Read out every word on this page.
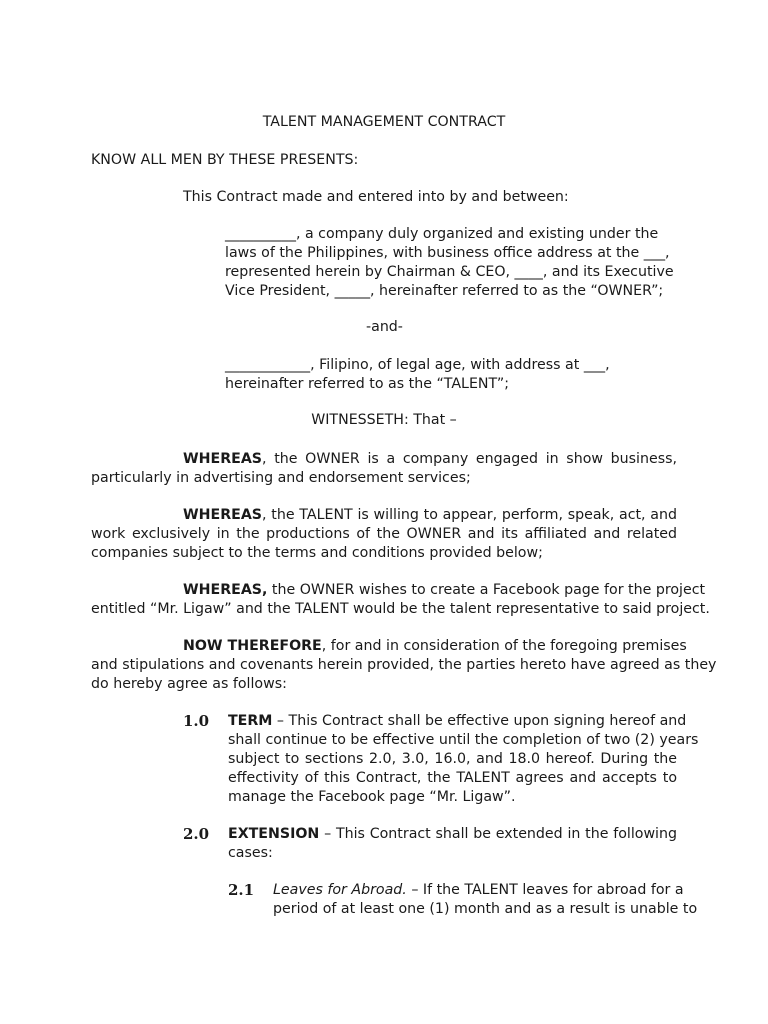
TALENT MANAGEMENT CONTRACT
KNOW ALL MEN BY THESE PRESENTS:
This Contract made and entered into by and between:
__________, a company duly organized and existing under the
laws of the Philippines, with business office address at the ___,
represented herein by Chairman & CEO, ____, and its Executive
Vice President, _____, hereinafter referred to as the “OWNER”;
-and-
____________, Filipino, of legal age, with address at ___,
hereinafter referred to as the “TALENT”;
WITNESSETH: That –
WHEREAS, the OWNER is a company engaged in show business,
particularly in advertising and endorsement services;
WHEREAS, the TALENT is willing to appear, perform, speak, act, and
work exclusively in the productions of the OWNER and its affiliated and related
companies subject to the terms and conditions provided below;
WHEREAS, the OWNER wishes to create a Facebook page for the project
entitled “Mr. Ligaw” and the TALENT would be the talent representative to said project.
NOW THEREFORE, for and in consideration of the foregoing premises
and stipulations and covenants herein provided, the parties hereto have agreed as they
do hereby agree as follows:
1.0 TERM – This Contract shall be effective upon signing hereof and
shall continue to be effective until the completion of two (2) years
subject to sections 2.0, 3.0, 16.0, and 18.0 hereof. During the
effectivity of this Contract, the TALENT agrees and accepts to
manage the Facebook page “Mr. Ligaw”.
2.0 EXTENSION – This Contract shall be extended in the following
cases:
2.1 Leaves for Abroad. – If the TALENT leaves for abroad for a
period of at least one (1) month and as a result is unable to
